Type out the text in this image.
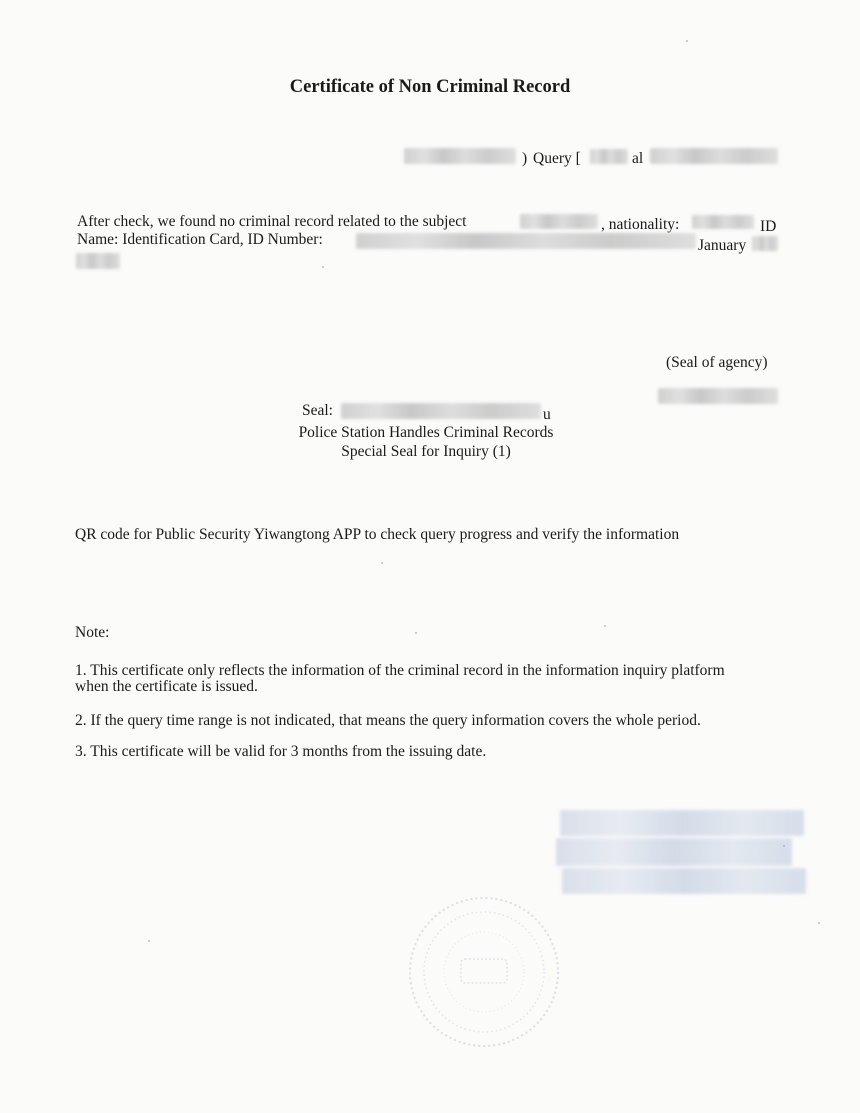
Certificate of Non Criminal Record
) Query [	al
After check, we found no criminal record related to the subject	, nationality:	ID
Name: Identification Card, ID Number:	January
(Seal of agency)
Seal:	u
Police Station Handles Criminal Records
Special Seal for Inquiry (1)
QR code for Public Security Yiwangtong APP to check query progress and verify the information
Note:
1. This certificate only reflects the information of the criminal record in the information inquiry platform
when the certificate is issued.
2. If the query time range is not indicated, that means the query information covers the whole period.
3. This certificate will be valid for 3 months from the issuing date.
